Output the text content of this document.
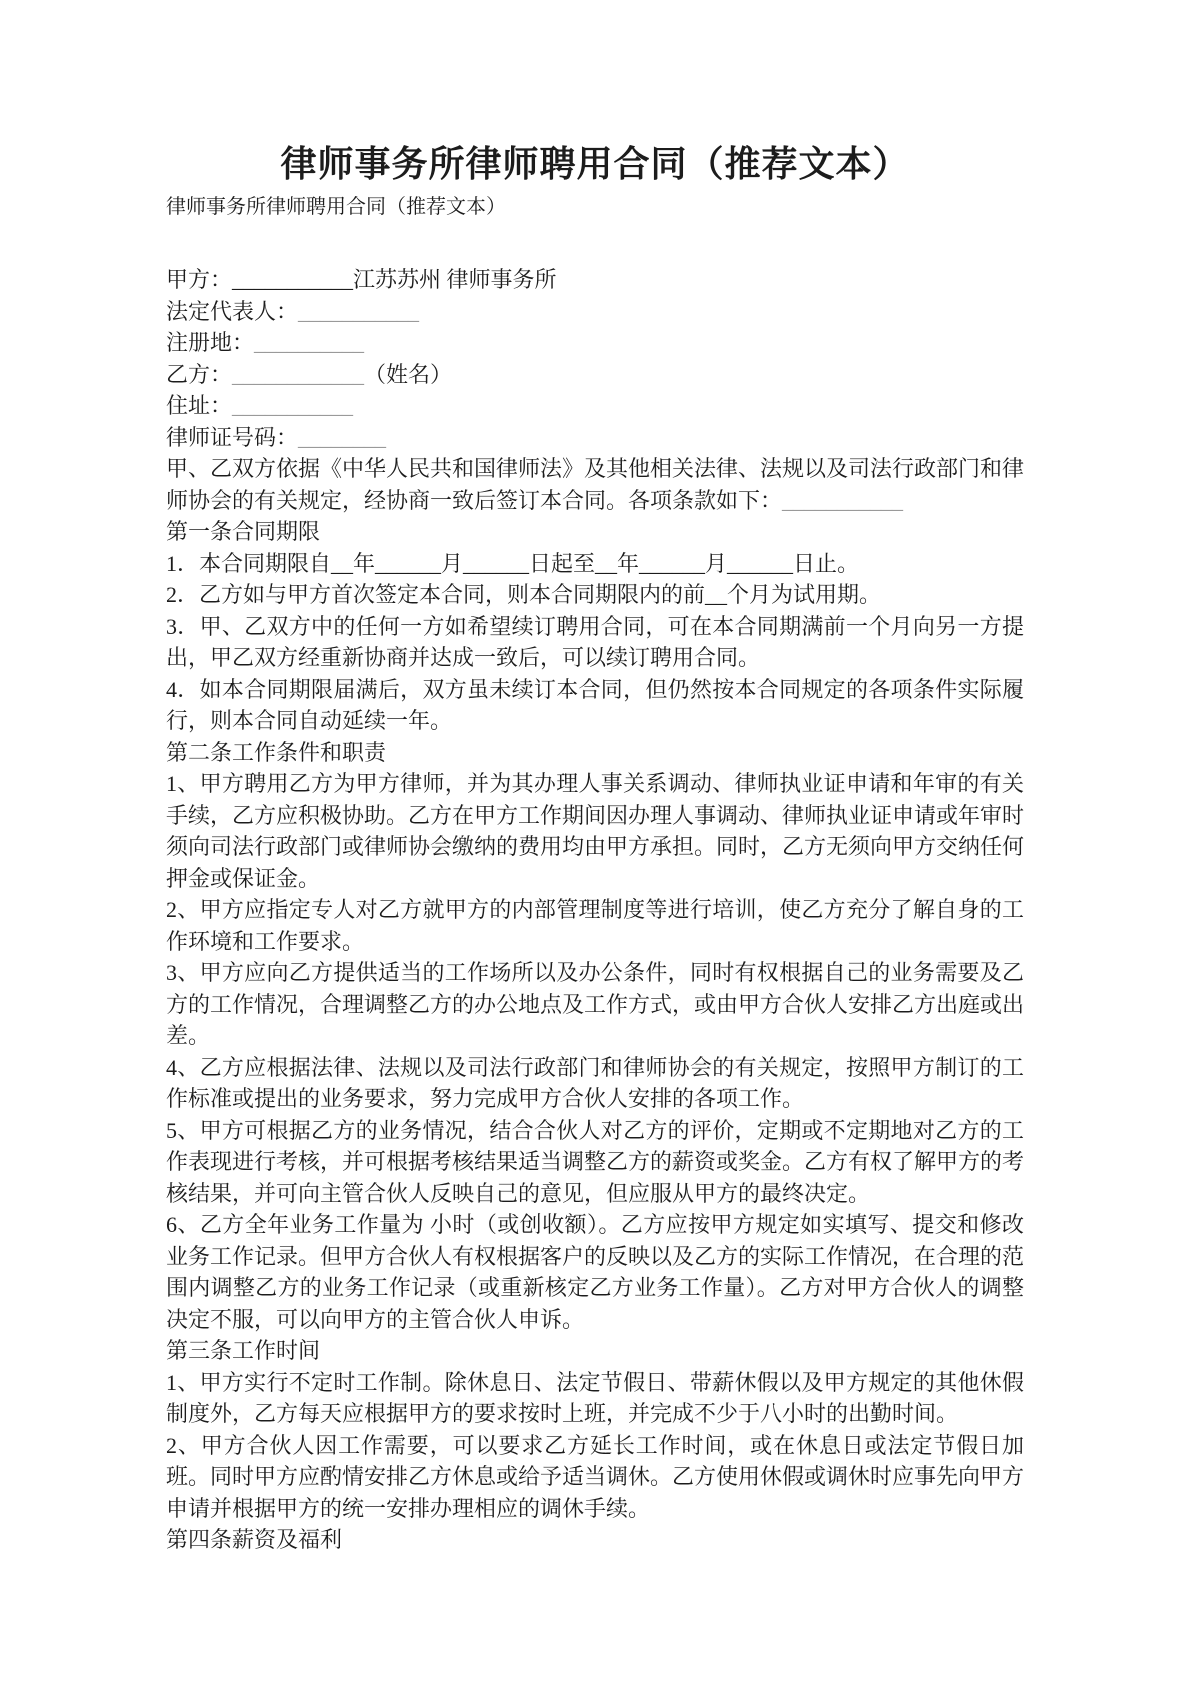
律师事务所律师聘用合同（推荐文本）

律师事务所律师聘用合同（推荐文本）

甲方：___________江苏苏州 律师事务所

法定代表人：___________

注册地：__________

乙方：____________（姓名）

住址：___________

律师证号码：________

甲、乙双方依据《中华人民共和国律师法》及其他相关法律、法规以及司法行政部门和律师协会的有关规定，经协商一致后签订本合同。各项条款如下：___________

第一条合同期限

1．本合同期限自__年______月______日起至__年______月______日止。

2．乙方如与甲方首次签定本合同，则本合同期限内的前__个月为试用期。

3．甲、乙双方中的任何一方如希望续订聘用合同，可在本合同期满前一个月向另一方提出，甲乙双方经重新协商并达成一致后，可以续订聘用合同。

4．如本合同期限届满后，双方虽未续订本合同，但仍然按本合同规定的各项条件实际履行，则本合同自动延续一年。

第二条工作条件和职责

1、甲方聘用乙方为甲方律师，并为其办理人事关系调动、律师执业证申请和年审的有关手续，乙方应积极协助。乙方在甲方工作期间因办理人事调动、律师执业证申请或年审时须向司法行政部门或律师协会缴纳的费用均由甲方承担。同时，乙方无须向甲方交纳任何押金或保证金。

2、甲方应指定专人对乙方就甲方的内部管理制度等进行培训，使乙方充分了解自身的工作环境和工作要求。

3、甲方应向乙方提供适当的工作场所以及办公条件，同时有权根据自己的业务需要及乙方的工作情况，合理调整乙方的办公地点及工作方式，或由甲方合伙人安排乙方出庭或出差。

4、乙方应根据法律、法规以及司法行政部门和律师协会的有关规定，按照甲方制订的工作标准或提出的业务要求，努力完成甲方合伙人安排的各项工作。

5、甲方可根据乙方的业务情况，结合合伙人对乙方的评价，定期或不定期地对乙方的工作表现进行考核，并可根据考核结果适当调整乙方的薪资或奖金。乙方有权了解甲方的考核结果，并可向主管合伙人反映自己的意见，但应服从甲方的最终决定。

6、乙方全年业务工作量为 小时（或创收额）。乙方应按甲方规定如实填写、提交和修改业务工作记录。但甲方合伙人有权根据客户的反映以及乙方的实际工作情况，在合理的范围内调整乙方的业务工作记录（或重新核定乙方业务工作量）。乙方对甲方合伙人的调整决定不服，可以向甲方的主管合伙人申诉。

第三条工作时间

1、甲方实行不定时工作制。除休息日、法定节假日、带薪休假以及甲方规定的其他休假制度外，乙方每天应根据甲方的要求按时上班，并完成不少于八小时的出勤时间。

2、甲方合伙人因工作需要，可以要求乙方延长工作时间，或在休息日或法定节假日加班。同时甲方应酌情安排乙方休息或给予适当调休。乙方使用休假或调休时应事先向甲方申请并根据甲方的统一安排办理相应的调休手续。

第四条薪资及福利
